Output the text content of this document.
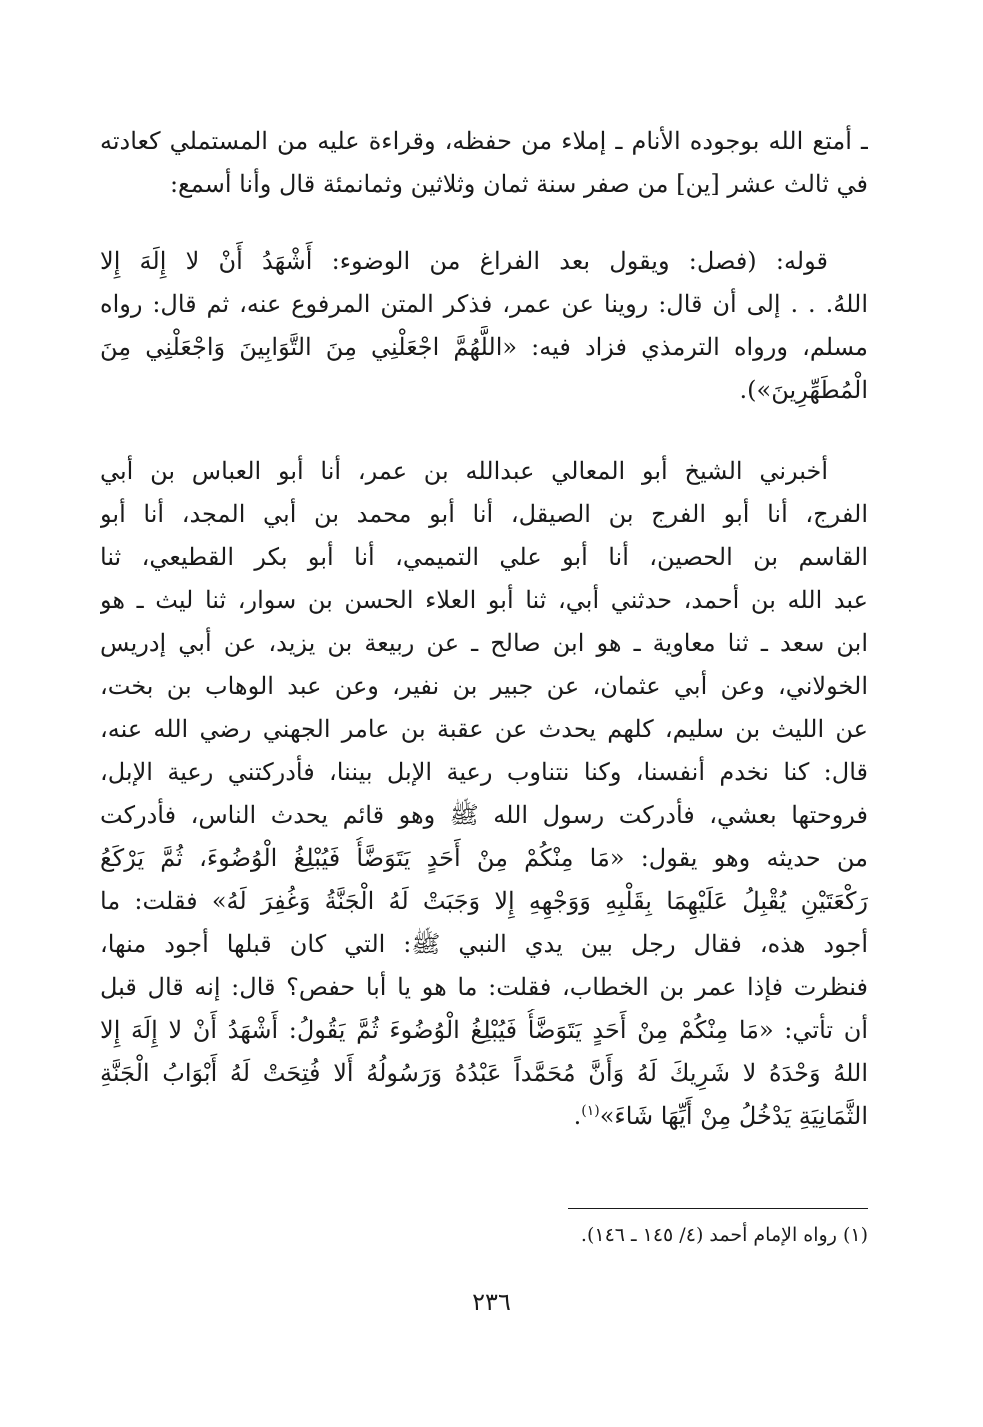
ـ أمتع الله بوجوده الأنام ـ إملاء من حفظه، وقراءة عليه من المستملي كعادته
في ثالث عشر [ين] من صفر سنة ثمان وثلاثين وثمانمئة قال وأنا أسمع:
قوله: (فصل: ويقول بعد الفراغ من الوضوء: أَشْهَدُ أَنْ لا إِلَهَ إِلا
اللهُ. . . إلى أن قال: روينا عن عمر، فذكر المتن المرفوع عنه، ثم قال: رواه
مسلم، ورواه الترمذي فزاد فيه: «اللَّهُمَّ اجْعَلْنِي مِنَ التَّوَابِينَ وَاجْعَلْنِي مِنَ
الْمُطَهِّرِينَ»).
أخبرني الشيخ أبو المعالي عبدالله بن عمر، أنا أبو العباس بن أبي
الفرج، أنا أبو الفرج بن الصيقل، أنا أبو محمد بن أبي المجد، أنا أبو
القاسم بن الحصين، أنا أبو علي التميمي، أنا أبو بكر القطيعي، ثنا
عبد الله بن أحمد، حدثني أبي، ثنا أبو العلاء الحسن بن سوار، ثنا ليث ـ هو
ابن سعد ـ ثنا معاوية ـ هو ابن صالح ـ عن ربيعة بن يزيد، عن أبي إدريس
الخولاني، وعن أبي عثمان، عن جبير بن نفير، وعن عبد الوهاب بن بخت،
عن الليث بن سليم، كلهم يحدث عن عقبة بن عامر الجهني رضي الله عنه،
قال: كنا نخدم أنفسنا، وكنا نتناوب رعية الإبل بيننا، فأدركتني رعية الإبل،
فروحتها بعشي، فأدركت رسول الله ﷺ وهو قائم يحدث الناس، فأدركت
من حديثه وهو يقول: «مَا مِنْكُمْ مِنْ أَحَدٍ يَتَوَضَّأُ فَيُبْلِغُ الْوُضُوءَ، ثُمَّ يَرْكَعُ
رَكْعَتَيْنِ يُقْبِلُ عَلَيْهِمَا بِقَلْبِهِ وَوَجْهِهِ إِلا وَجَبَتْ لَهُ الْجَنَّةُ وَغُفِرَ لَهُ» فقلت: ما
أجود هذه، فقال رجل بين يدي النبي ﷺ: التي كان قبلها أجود منها،
فنظرت فإذا عمر بن الخطاب، فقلت: ما هو يا أبا حفص؟ قال: إنه قال قبل
أن تأتي: «مَا مِنْكُمْ مِنْ أَحَدٍ يَتَوَضَّأُ فَيُبْلِغُ الْوُضُوءَ ثُمَّ يَقُولُ: أَشْهَدُ أَنْ لا إِلَهَ إِلا
اللهُ وَحْدَهُ لا شَرِيكَ لَهُ وَأَنَّ مُحَمَّداً عَبْدُهُ وَرَسُولُهُ أَلا فُتِحَتْ لَهُ أَبْوَابُ الْجَنَّةِ
الثَّمَانِيَةِ يَدْخُلُ مِنْ أَيِّهَا شَاءَ»$^{(١)}$.
(١) رواه الإمام أحمد (٤/ ١٤٥ ـ ١٤٦).
٢٣٦
